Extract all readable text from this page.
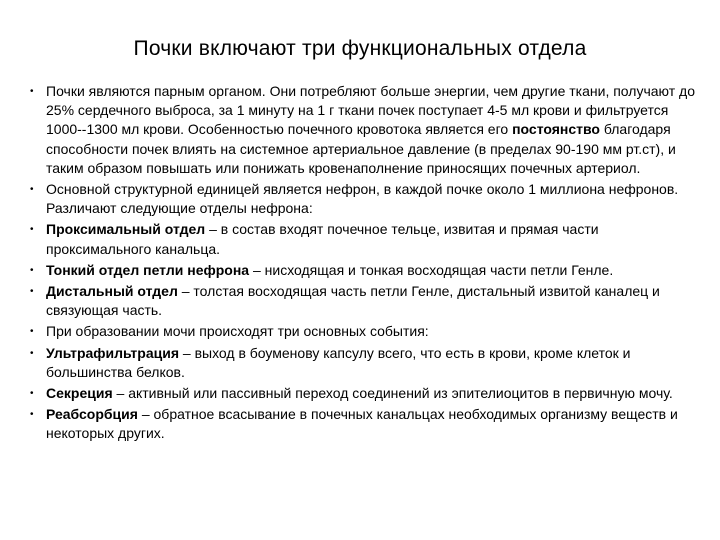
Почки включают три функциональных отдела
• Почки являются парным органом. Они потребляют больше энергии, чем другие ткани, получают до 25% сердечного выброса, за 1 минуту на 1 г ткани почек поступает 4-5 мл крови и фильтруется 1000‑‑1300 мл крови. Особенностью почечного кровотока является его постоянство благодаря способности почек влиять на системное артериальное давление (в пределах 90-190 мм рт.ст), и таким образом повышать или понижать кровенаполнение приносящих почечных артериол.
• Основной структурной единицей является нефрон, в каждой почке около 1 миллиона нефронов. Различают следующие отделы нефрона:
• Проксимальный отдел – в состав входят почечное тельце, извитая и прямая части проксимального канальца.
• Тонкий отдел петли нефрона – нисходящая и тонкая восходящая части петли Генле.
• Дистальный отдел – толстая восходящая часть петли Генле, дистальный извитой каналец и связующая часть.
• При образовании мочи происходят три основных события:
• Ультрафильтрация – выход в боуменову капсулу всего, что есть в крови, кроме клеток и большинства белков.
• Секреция – активный или пассивный переход соединений из эпителиоцитов в первичную мочу.
• Реабсорбция – обратное всасывание в почечных канальцах необходимых организму веществ и некоторых других.
